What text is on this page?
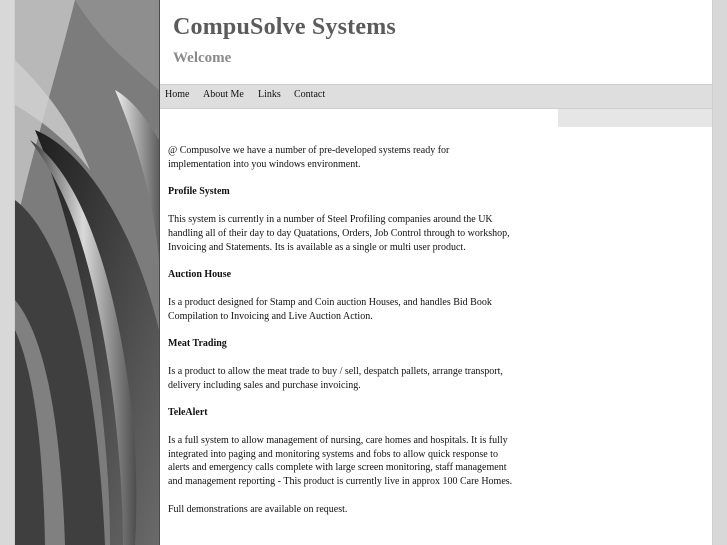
CompuSolve Systems
Welcome
Home About Me Links Contact

@ Compusolve we have a number of pre-developed systems ready for implementation into you windows environment.

Profile System

This system is currently in a number of Steel Profiling companies around the UK handling all of their day to day Quatations, Orders, Job Control through to workshop, Invoicing and Statements. Its is available as a single or multi user product.

Auction House

Is a product designed for Stamp and Coin auction Houses, and handles Bid Book Compilation to Invoicing and Live Auction Action.

Meat Trading

Is a product to allow the meat trade to buy / sell, despatch pallets, arrange transport, delivery including sales and purchase invoicing.

TeleAlert

Is a full system to allow management of nursing, care homes and hospitals. It is fully integrated into paging and monitoring systems and fobs to allow quick response to alerts and emergency calls complete with large screen monitoring, staff management and management reporting - This product is currently live in approx 100 Care Homes.

Full demonstrations are available on request.
